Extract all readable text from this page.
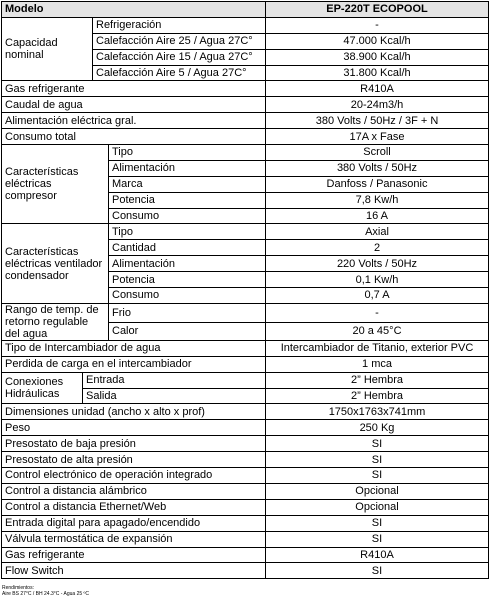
Modelo				EP-220T ECOPOOL
Capacidad nominal		Refrigeración		-
		Calefacción Aire 25 / Agua 27C°		47.000 Kcal/h
		Calefacción Aire 15 / Agua 27C°		38.900 Kcal/h
		Calefacción Aire 5 / Agua 27C°		31.800 Kcal/h
Gas refrigerante				R410A
Caudal de agua				20-24m3/h
Alimentación eléctrica gral.				380 Volts / 50Hz / 3F + N
Consumo total				17A x Fase
Características eléctricas compresor			Tipo	Scroll
			Alimentación	380 Volts / 50Hz
			Marca	Danfoss / Panasonic
			Potencia	7,8 Kw/h
			Consumo	16 A
Características eléctricas ventilador condensador			Tipo	Axial
			Cantidad	2
			Alimentación	220 Volts / 50Hz
			Potencia	0,1 Kw/h
			Consumo	0,7 A
Rango de temp. de retorno regulable del agua			Frio	-
			Calor	20 a 45°C
Tipo de Intercambiador de agua				Intercambiador de Titanio, exterior PVC
Perdida de carga en el intercambiador				1 mca
Conexiones Hidráulicas	Entrada			2” Hembra
	Salida			2” Hembra
Dimensiones unidad (ancho x alto x prof)				1750x1763x741mm
Peso				250 Kg
Presostato de baja presión				SI
Presostato de alta presión				SI
Control electrónico de operación integrado				SI
Control a distancia alámbrico				Opcional
Control a distancia Ethernet/Web				Opcional
Entrada digital para apagado/encendido				SI
Válvula termostática de expansión				SI
Gas refrigerante				R410A
Flow Switch				SI
Rendimientos:
Aire BS 27°C / BH 24.3°C - Agua 25 ºC
